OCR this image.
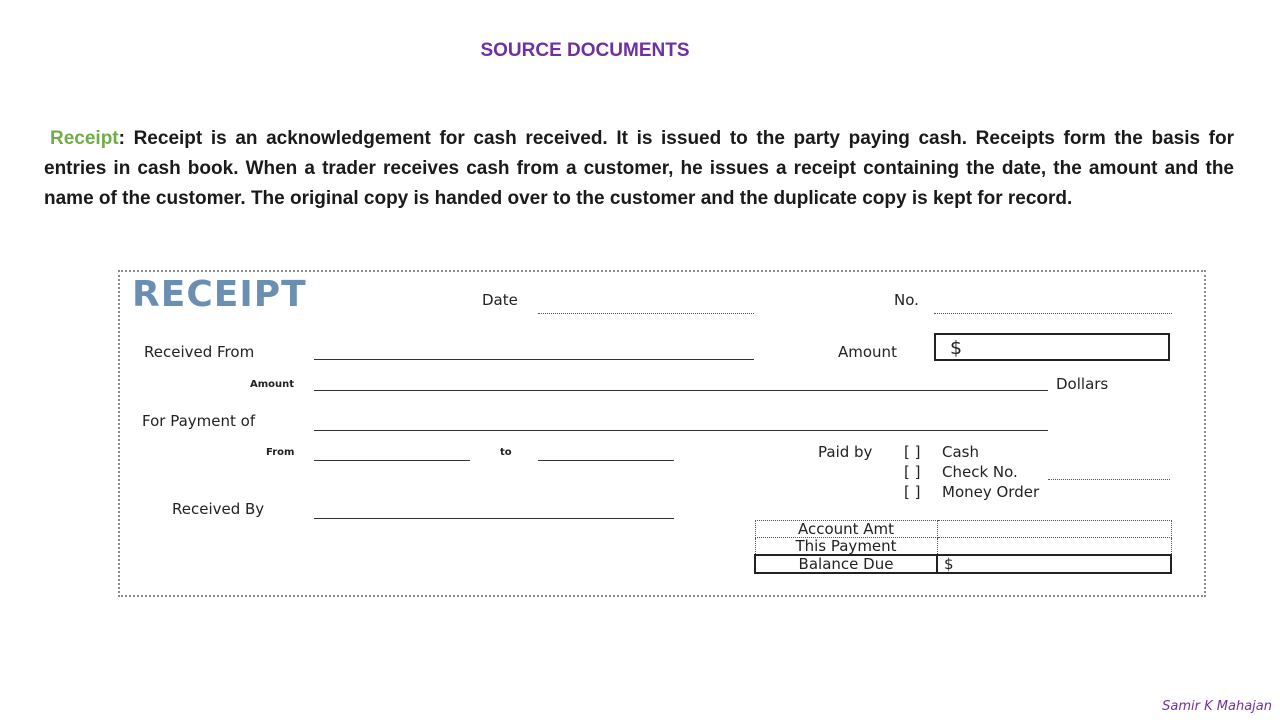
SOURCE DOCUMENTS

Receipt: Receipt is an acknowledgement for cash received. It is issued to the party paying cash. Receipts form the basis for entries in cash book. When a trader receives cash from a customer, he issues a receipt containing the date, the amount and the name of the customer. The original copy is handed over to the customer and the duplicate copy is kept for record.

RECEIPT	Date	No.
Received From	Amount	$
Amount	Dollars
For Payment of
From	to	Paid by [ ] Cash
[ ] Check No.
[ ] Money Order
Received By
Account Amt	
This Payment	
Balance Due	$
Samir K Mahajan
